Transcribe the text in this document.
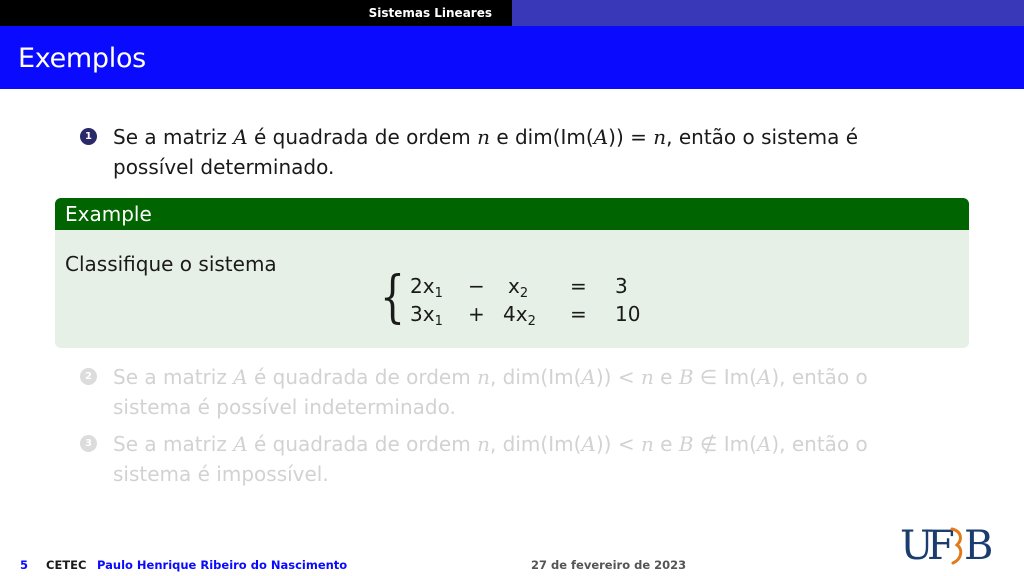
Sistemas Lineares
Exemplos
1 Se a matriz A é quadrada de ordem n e dim(Im(A)) = n, então o sistema é
possível determinado.
Example
Classifique o sistema
{ $2x_1 - x_2 = 3$
$3x_1 + 4x_2 = 10$
2 Se a matriz A é quadrada de ordem n, dim(Im(A)) < n e B ∈ Im(A), então o
sistema é possível indeterminado.
3 Se a matriz A é quadrada de ordem n, dim(Im(A)) < n e B ∉ Im(A), então o
sistema é impossível.
5 CETEC Paulo Henrique Ribeiro do Nascimento	27 de fevereiro de 2023	U
F B
